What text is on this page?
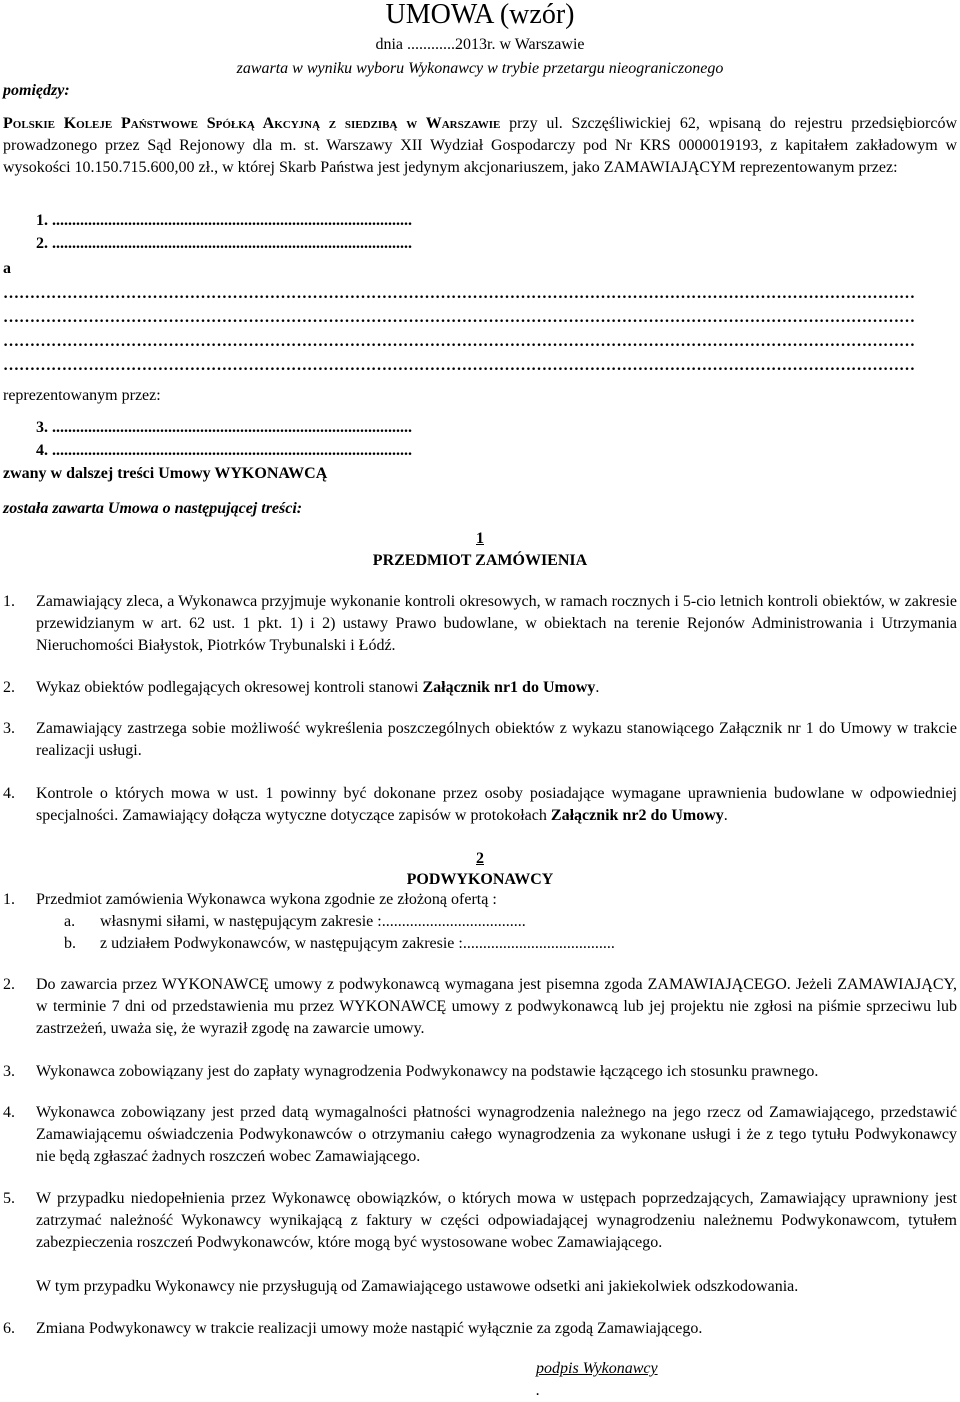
UMOWA (wzór)
dnia ............2013r. w Warszawie
zawarta w wyniku wyboru Wykonawcy w trybie przetargu nieograniczonego
pomiędzy:
Polskie Koleje Państwowe Spółką Akcyjną z siedzibą w Warszawie przy ul. Szczęśliwickiej 62, wpisaną do rejestru przedsiębiorców prowadzonego przez Sąd Rejonowy dla m. st. Warszawy XII Wydział Gospodarczy pod Nr KRS 0000019193, z kapitałem zakładowym w wysokości 10.150.715.600,00 zł., w której Skarb Państwa jest jedynym akcjonariuszem, jako ZAMAWIAJĄCYM reprezentowanym przez:
1. ..........................................................................................
2. ..........................................................................................
a
………………………………………………………………………………………………………………………………………………………
………………………………………………………………………………………………………………………………………………………
………………………………………………………………………………………………………………………………………………………
………………………………………………………………………………………………………………………………………………………
reprezentowanym przez:
3. ..........................................................................................
4. ..........................................................................................
zwany w dalszej treści Umowy WYKONAWCĄ
została zawarta Umowa o następującej treści:
1
PRZEDMIOT ZAMÓWIENIA
1. Zamawiający zleca, a Wykonawca przyjmuje wykonanie kontroli okresowych, w ramach rocznych i 5-cio letnich kontroli obiektów, w zakresie przewidzianym w art. 62 ust. 1 pkt. 1) i 2) ustawy Prawo budowlane, w obiektach na terenie Rejonów Administrowania i Utrzymania Nieruchomości Białystok, Piotrków Trybunalski i Łódź.
2. Wykaz obiektów podlegających okresowej kontroli stanowi Załącznik nr1 do Umowy.
3. Zamawiający zastrzega sobie możliwość wykreślenia poszczególnych obiektów z wykazu stanowiącego Załącznik nr 1 do Umowy w trakcie realizacji usługi.
4. Kontrole o których mowa w ust. 1 powinny być dokonane przez osoby posiadające wymagane uprawnienia budowlane w odpowiedniej specjalności. Zamawiający dołącza wytyczne dotyczące zapisów w protokołach Załącznik nr2 do Umowy.
2
PODWYKONAWCY
1. Przedmiot zamówienia Wykonawca wykona zgodnie ze złożoną ofertą :
a. własnymi siłami, w następującym zakresie :....................................
b. z udziałem Podwykonawców, w następującym zakresie :......................................
2. Do zawarcia przez WYKONAWCĘ umowy z podwykonawcą wymagana jest pisemna zgoda ZAMAWIAJĄCEGO. Jeżeli ZAMAWIAJĄCY, w terminie 7 dni od przedstawienia mu przez WYKONAWCĘ umowy z podwykonawcą lub jej projektu nie zgłosi na piśmie sprzeciwu lub zastrzeżeń, uważa się, że wyraził zgodę na zawarcie umowy.
3. Wykonawca zobowiązany jest do zapłaty wynagrodzenia Podwykonawcy na podstawie łączącego ich stosunku prawnego.
4. Wykonawca zobowiązany jest przed datą wymagalności płatności wynagrodzenia należnego na jego rzecz od Zamawiającego, przedstawić Zamawiającemu oświadczenia Podwykonawców o otrzymaniu całego wynagrodzenia za wykonane usługi i że z tego tytułu Podwykonawcy nie będą zgłaszać żadnych roszczeń wobec Zamawiającego.
5. W przypadku niedopełnienia przez Wykonawcę obowiązków, o których mowa w ustępach poprzedzających, Zamawiający uprawniony jest zatrzymać należność Wykonawcy wynikającą z faktury w części odpowiadającej wynagrodzeniu należnemu Podwykonawcom, tytułem zabezpieczenia roszczeń Podwykonawców, które mogą być wystosowane wobec Zamawiającego.
W tym przypadku Wykonawcy nie przysługują od Zamawiającego ustawowe odsetki ani jakiekolwiek odszkodowania.
6. Zmiana Podwykonawcy w trakcie realizacji umowy może nastąpić wyłącznie za zgodą Zamawiającego.
podpis Wykonawcy.
